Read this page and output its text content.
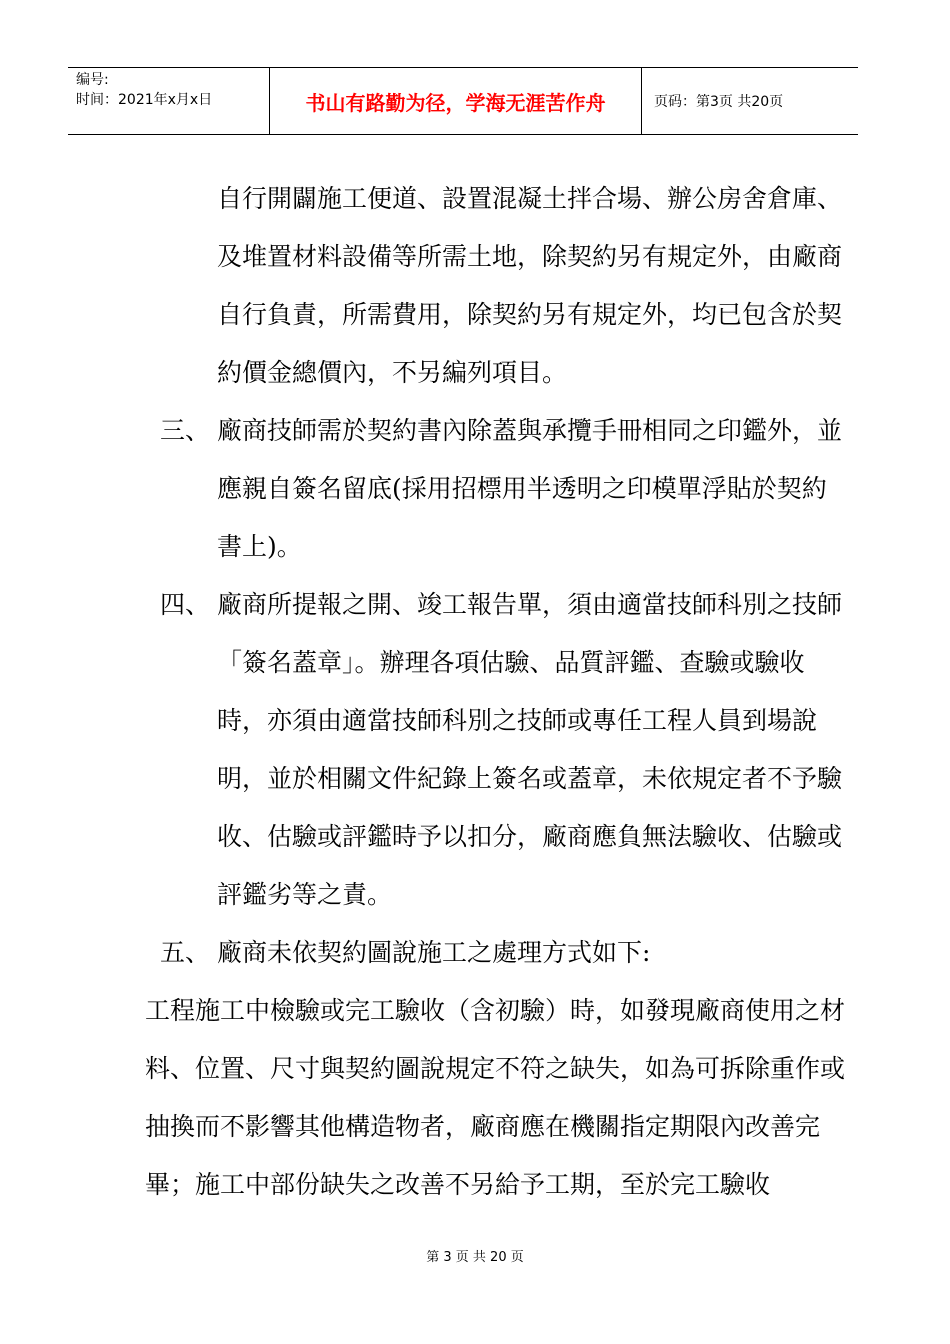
编号:
时间：2021年x月x日	书山有路勤为径，学海无涯苦作舟	页码：第3页 共20页

自行開闢施工便道、設置混凝土拌合場、辦公房舍倉庫、及堆置材料設備等所需土地，除契約另有規定外，由廠商自行負責，所需費用，除契約另有規定外，均已包含於契約價金總價內，不另編列項目。

三、 廠商技師需於契約書內除蓋與承攬手冊相同之印鑑外，並應親自簽名留底(採用招標用半透明之印模單浮貼於契約書上)。

四、 廠商所提報之開、竣工報告單，須由適當技師科別之技師「簽名蓋章」。辦理各項估驗、品質評鑑、查驗或驗收時，亦須由適當技師科別之技師或專任工程人員到場說明，並於相關文件紀錄上簽名或蓋章，未依規定者不予驗收、估驗或評鑑時予以扣分，廠商應負無法驗收、估驗或評鑑劣等之責。

五、 廠商未依契約圖說施工之處理方式如下:

工程施工中檢驗或完工驗收（含初驗）時，如發現廠商使用之材料、位置、尺寸與契約圖說規定不符之缺失，如為可拆除重作或抽換而不影響其他構造物者，廠商應在機關指定期限內改善完畢；施工中部份缺失之改善不另給予工期，至於完工驗收

第 3 页 共 20 页
